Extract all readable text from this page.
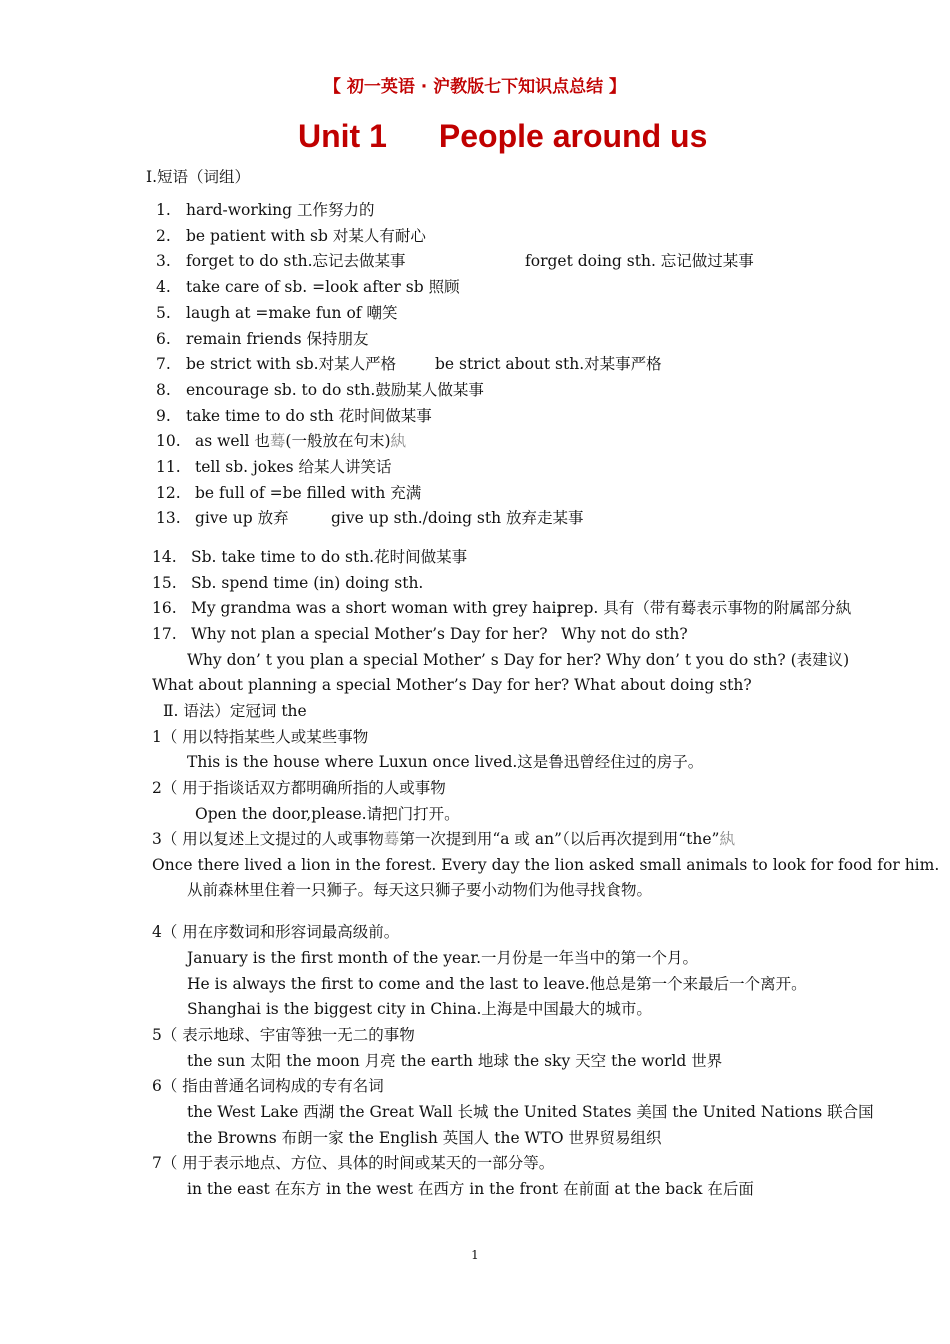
【 初一英语 · 沪教版七下知识点总结 】
Unit 1 People around us
Ⅰ.短语（词组）
1. hard-working 工作努力的
2. be patient with sb 对某人有耐心
3. forget to do sth.忘记去做某事	forget doing sth. 忘记做过某事
4. take care of sb. =look after sb 照顾
5. laugh at =make fun of 嘲笑
6. remain friends 保持朋友
7. be strict with sb.对某人严格	be strict about sth.对某事严格
8. encourage sb. to do sth.鼓励某人做某事
9. take time to do sth 花时间做某事
10. as well 也蓦(一般放在句末)紈
11. tell sb. jokes 给某人讲笑话
12. be full of =be filled with 充满
13. give up 放弃	give up sth./doing sth 放弃走某事
14. Sb. take time to do sth.花时间做某事
15. Sb. spend time (in) doing sth.
16. My grandma was a short woman with grey hair.
prep. 具有（带有蓦表示事物的附属部分紈
17. Why not plan a special Mother’s Day for her? Why not do sth?
Why don’ t you plan a special Mother’ s Day for her? Why don’ t you do sth? (表建议)
What about planning a special Mother’s Day for her? What about doing sth?
Ⅱ. 语法）定冠词 the
1（ 用以特指某些人或某些事物
This is the house where Luxun once lived.这是鲁迅曾经住过的房子。
2（ 用于指谈话双方都明确所指的人或事物
Open the door,please.请把门打开。
3（ 用以复述上文提过的人或事物蓦第一次提到用“a 或 an”（以后再次提到用“the”紈
Once there lived a lion in the forest. Every day the lion asked small animals to look for food for him.
从前森林里住着一只狮子。每天这只狮子要小动物们为他寻找食物。
4（ 用在序数词和形容词最高级前。
January is the first month of the year.一月份是一年当中的第一个月。
He is always the first to come and the last to leave.他总是第一个来最后一个离开。
Shanghai is the biggest city in China.上海是中国最大的城市。
5（ 表示地球、宇宙等独一无二的事物
the sun 太阳 the moon 月亮 the earth 地球 the sky 天空 the world 世界
6（ 指由普通名词构成的专有名词
the West Lake 西湖 the Great Wall 长城 the United States 美国 the United Nations 联合国
the Browns 布朗一家 the English 英国人 the WTO 世界贸易组织
7（ 用于表示地点、方位、具体的时间或某天的一部分等。
in the east 在东方 in the west 在西方 in the front 在前面 at the back 在后面
1
